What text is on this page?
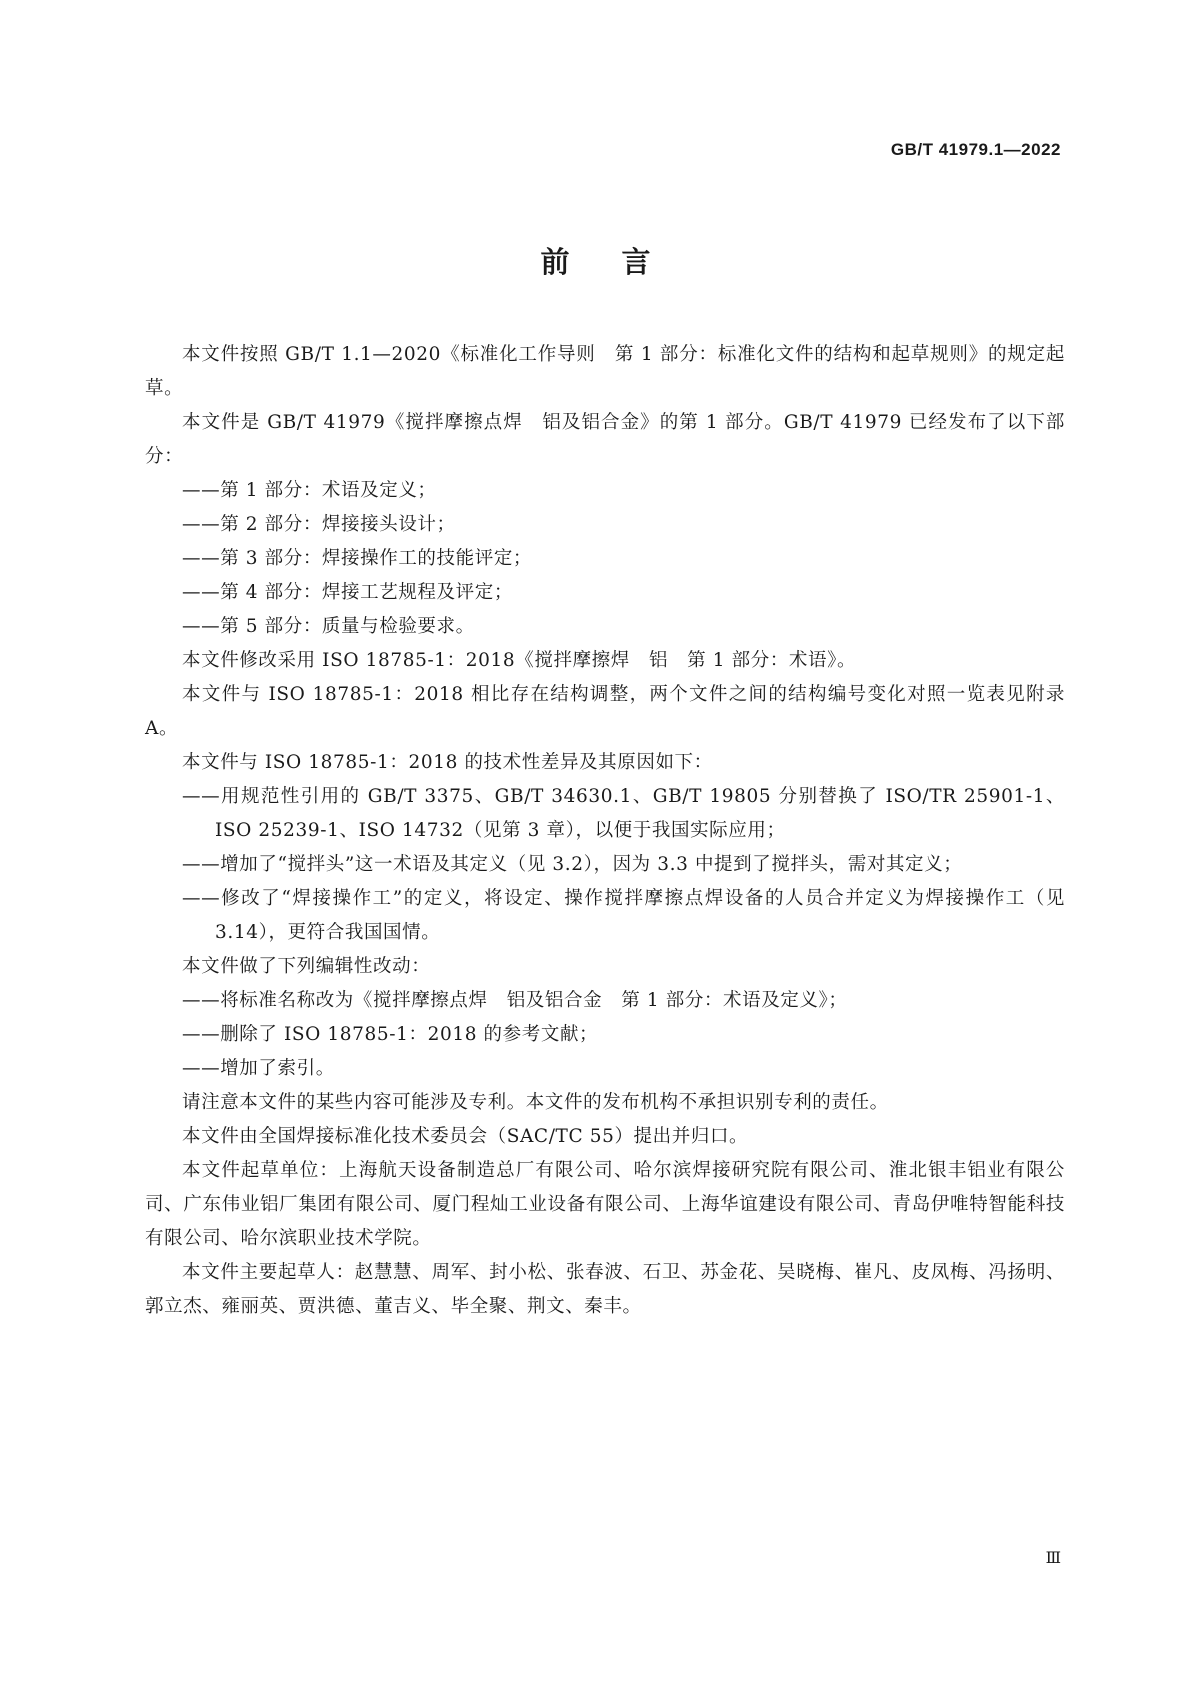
GB/T 41979.1—2022
前言

本文件按照 GB/T 1.1—2020《标准化工作导则　第 1 部分：标准化文件的结构和起草规则》的规定起草。

本文件是 GB/T 41979《搅拌摩擦点焊　铝及铝合金》的第 1 部分。GB/T 41979 已经发布了以下部分：

——第 1 部分：术语及定义；

——第 2 部分：焊接接头设计；

——第 3 部分：焊接操作工的技能评定；

——第 4 部分：焊接工艺规程及评定；

——第 5 部分：质量与检验要求。

本文件修改采用 ISO 18785-1：2018《搅拌摩擦焊　铝　第 1 部分：术语》。

本文件与 ISO 18785-1：2018 相比存在结构调整，两个文件之间的结构编号变化对照一览表见附录 A。

本文件与 ISO 18785-1：2018 的技术性差异及其原因如下：

——用规范性引用的 GB/T 3375、GB/T 34630.1、GB/T 19805 分别替换了 ISO/TR 25901-1、ISO 25239-1、ISO 14732（见第 3 章），以便于我国实际应用；

——增加了“搅拌头”这一术语及其定义（见 3.2），因为 3.3 中提到了搅拌头，需对其定义；

——修改了“焊接操作工”的定义，将设定、操作搅拌摩擦点焊设备的人员合并定义为焊接操作工（见 3.14），更符合我国国情。

本文件做了下列编辑性改动：

——将标准名称改为《搅拌摩擦点焊　铝及铝合金　第 1 部分：术语及定义》；

——删除了 ISO 18785-1：2018 的参考文献；

——增加了索引。

请注意本文件的某些内容可能涉及专利。本文件的发布机构不承担识别专利的责任。

本文件由全国焊接标准化技术委员会（SAC/TC 55）提出并归口。

本文件起草单位：上海航天设备制造总厂有限公司、哈尔滨焊接研究院有限公司、淮北银丰铝业有限公司、广东伟业铝厂集团有限公司、厦门程灿工业设备有限公司、上海华谊建设有限公司、青岛伊唯特智能科技有限公司、哈尔滨职业技术学院。

本文件主要起草人：赵慧慧、周军、封小松、张春波、石卫、苏金花、吴晓梅、崔凡、皮凤梅、冯扬明、郭立杰、雍丽英、贾洪德、董吉义、毕全聚、荆文、秦丰。

Ⅲ
